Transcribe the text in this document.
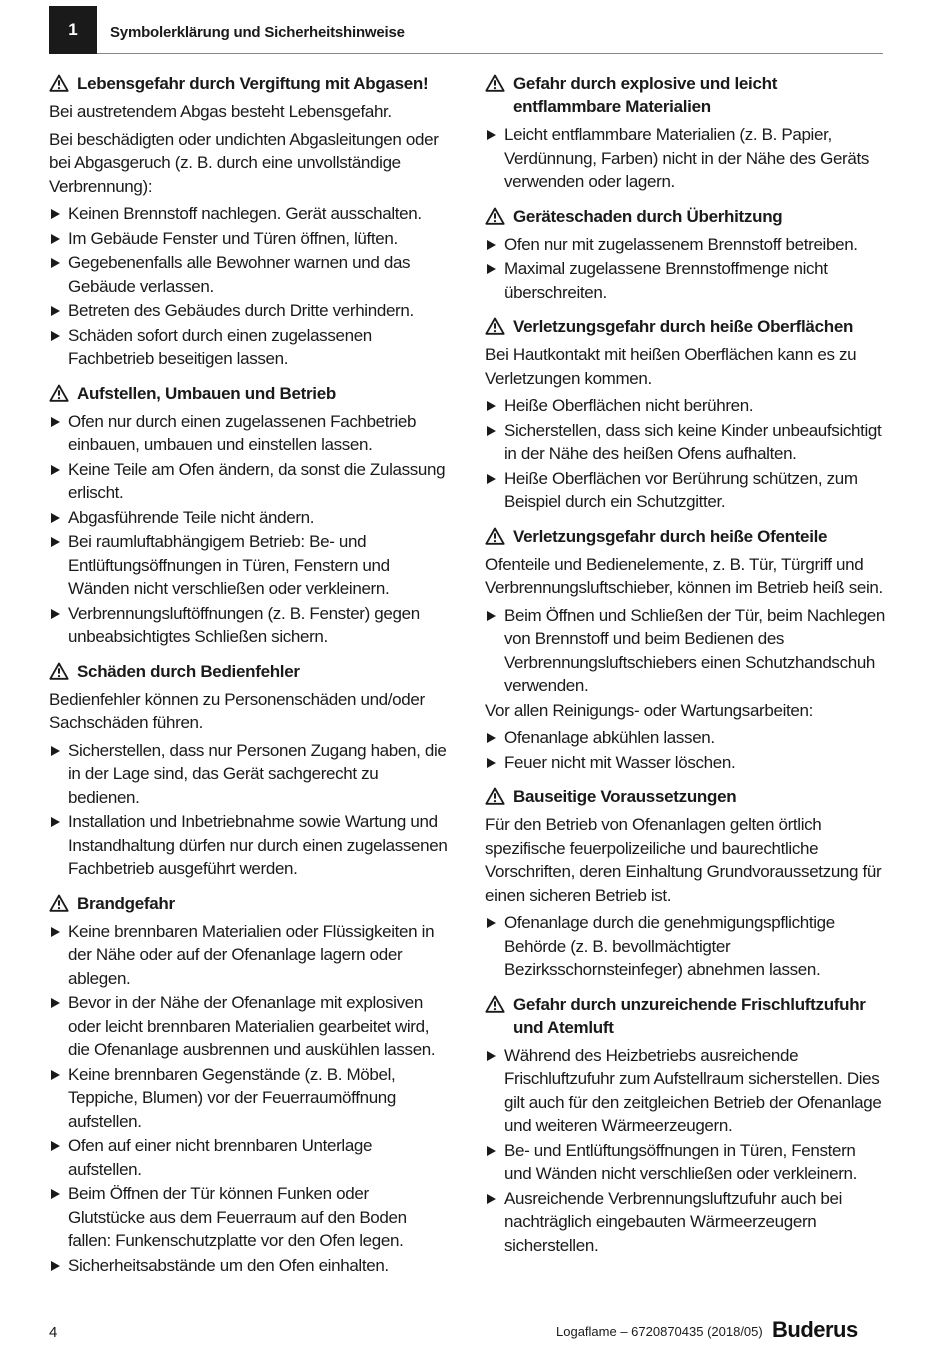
1 Symbolerklärung und Sicherheitshinweise
Lebensgefahr durch Vergiftung mit Abgasen!
Bei austretendem Abgas besteht Lebensgefahr.
Bei beschädigten oder undichten Abgasleitungen oder bei Abgasgeruch (z. B. durch eine unvollständige Verbrennung):
Keinen Brennstoff nachlegen. Gerät ausschalten.
Im Gebäude Fenster und Türen öffnen, lüften.
Gegebenenfalls alle Bewohner warnen und das Gebäude verlassen.
Betreten des Gebäudes durch Dritte verhindern.
Schäden sofort durch einen zugelassenen Fachbetrieb beseitigen lassen.
Aufstellen, Umbauen und Betrieb
Ofen nur durch einen zugelassenen Fachbetrieb einbauen, umbauen und einstellen lassen.
Keine Teile am Ofen ändern, da sonst die Zulassung erlischt.
Abgasführende Teile nicht ändern.
Bei raumluftabhängigem Betrieb: Be- und Entlüftungsöffnungen in Türen, Fenstern und Wänden nicht verschließen oder verkleinern.
Verbrennungsluftöffnungen (z. B. Fenster) gegen unbeabsichtigtes Schließen sichern.
Schäden durch Bedienfehler
Bedienfehler können zu Personenschäden und/oder Sachschäden führen.
Sicherstellen, dass nur Personen Zugang haben, die in der Lage sind, das Gerät sachgerecht zu bedienen.
Installation und Inbetriebnahme sowie Wartung und Instandhaltung dürfen nur durch einen zugelassenen Fachbetrieb ausgeführt werden.
Brandgefahr
Keine brennbaren Materialien oder Flüssigkeiten in der Nähe oder auf der Ofenanlage lagern oder ablegen.
Bevor in der Nähe der Ofenanlage mit explosiven oder leicht brennbaren Materialien gearbeitet wird, die Ofenanlage ausbrennen und auskühlen lassen.
Keine brennbaren Gegenstände (z. B. Möbel, Teppiche, Blumen) vor der Feuerraumöffnung aufstellen.
Ofen auf einer nicht brennbaren Unterlage aufstellen.
Beim Öffnen der Tür können Funken oder Glutstücke aus dem Feuerraum auf den Boden fallen: Funkenschutzplatte vor den Ofen legen.
Sicherheitsabstände um den Ofen einhalten.
Gefahr durch explosive und leicht entflammbare Materialien
Leicht entflammbare Materialien (z. B. Papier, Verdünnung, Farben) nicht in der Nähe des Geräts verwenden oder lagern.
Geräteschaden durch Überhitzung
Ofen nur mit zugelassenem Brennstoff betreiben.
Maximal zugelassene Brennstoffmenge nicht überschreiten.
Verletzungsgefahr durch heiße Oberflächen
Bei Hautkontakt mit heißen Oberflächen kann es zu Verletzungen kommen.
Heiße Oberflächen nicht berühren.
Sicherstellen, dass sich keine Kinder unbeaufsichtigt in der Nähe des heißen Ofens aufhalten.
Heiße Oberflächen vor Berührung schützen, zum Beispiel durch ein Schutzgitter.
Verletzungsgefahr durch heiße Ofenteile
Ofenteile und Bedienelemente, z. B. Tür, Türgriff und Verbrennungsluftschieber, können im Betrieb heiß sein.
Beim Öffnen und Schließen der Tür, beim Nachlegen von Brennstoff und beim Bedienen des Verbrennungsluftschiebers einen Schutzhandschuh verwenden.
Vor allen Reinigungs- oder Wartungsarbeiten:
Ofenanlage abkühlen lassen.
Feuer nicht mit Wasser löschen.
Bauseitige Voraussetzungen
Für den Betrieb von Ofenanlagen gelten örtlich spezifische feuerpolizeiliche und baurechtliche Vorschriften, deren Einhaltung Grundvoraussetzung für einen sicheren Betrieb ist.
Ofenanlage durch die genehmigungspflichtige Behörde (z. B. bevollmächtigter Bezirksschornsteinfeger) abnehmen lassen.
Gefahr durch unzureichende Frischluftzufuhr und Atemluft
Während des Heizbetriebs ausreichende Frischluftzufuhr zum Aufstellraum sicherstellen. Dies gilt auch für den zeitgleichen Betrieb der Ofenanlage und weiteren Wärmeerzeugern.
Be- und Entlüftungsöffnungen in Türen, Fenstern und Wänden nicht verschließen oder verkleinern.
Ausreichende Verbrennungsluftzufuhr auch bei nachträglich eingebauten Wärmeerzeugern sicherstellen.
4	Logaflame – 6720870435 (2018/05) Buderus
